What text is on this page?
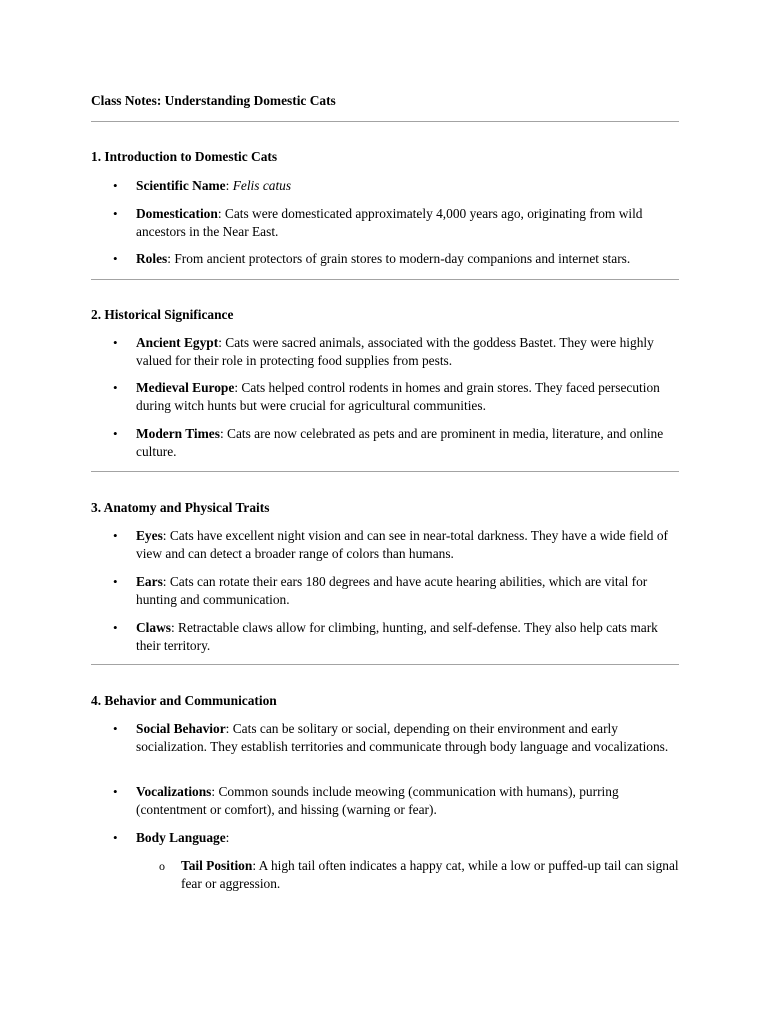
Class Notes: Understanding Domestic Cats
1. Introduction to Domestic Cats
• Scientific Name: Felis catus
• Domestication: Cats were domesticated approximately 4,000 years ago, originating from wild ancestors in the Near East.
• Roles: From ancient protectors of grain stores to modern-day companions and internet stars.
2. Historical Significance
• Ancient Egypt: Cats were sacred animals, associated with the goddess Bastet. They were highly valued for their role in protecting food supplies from pests.
• Medieval Europe: Cats helped control rodents in homes and grain stores. They faced persecution during witch hunts but were crucial for agricultural communities.
• Modern Times: Cats are now celebrated as pets and are prominent in media, literature, and online culture.
3. Anatomy and Physical Traits
• Eyes: Cats have excellent night vision and can see in near-total darkness. They have a wide field of view and can detect a broader range of colors than humans.
• Ears: Cats can rotate their ears 180 degrees and have acute hearing abilities, which are vital for hunting and communication.
• Claws: Retractable claws allow for climbing, hunting, and self-defense. They also help cats mark their territory.
4. Behavior and Communication
• Social Behavior: Cats can be solitary or social, depending on their environment and early socialization. They establish territories and communicate through body language and vocalizations.
• Vocalizations: Common sounds include meowing (communication with humans), purring (contentment or comfort), and hissing (warning or fear).
• Body Language:
o Tail Position: A high tail often indicates a happy cat, while a low or puffed-up tail can signal fear or aggression.
